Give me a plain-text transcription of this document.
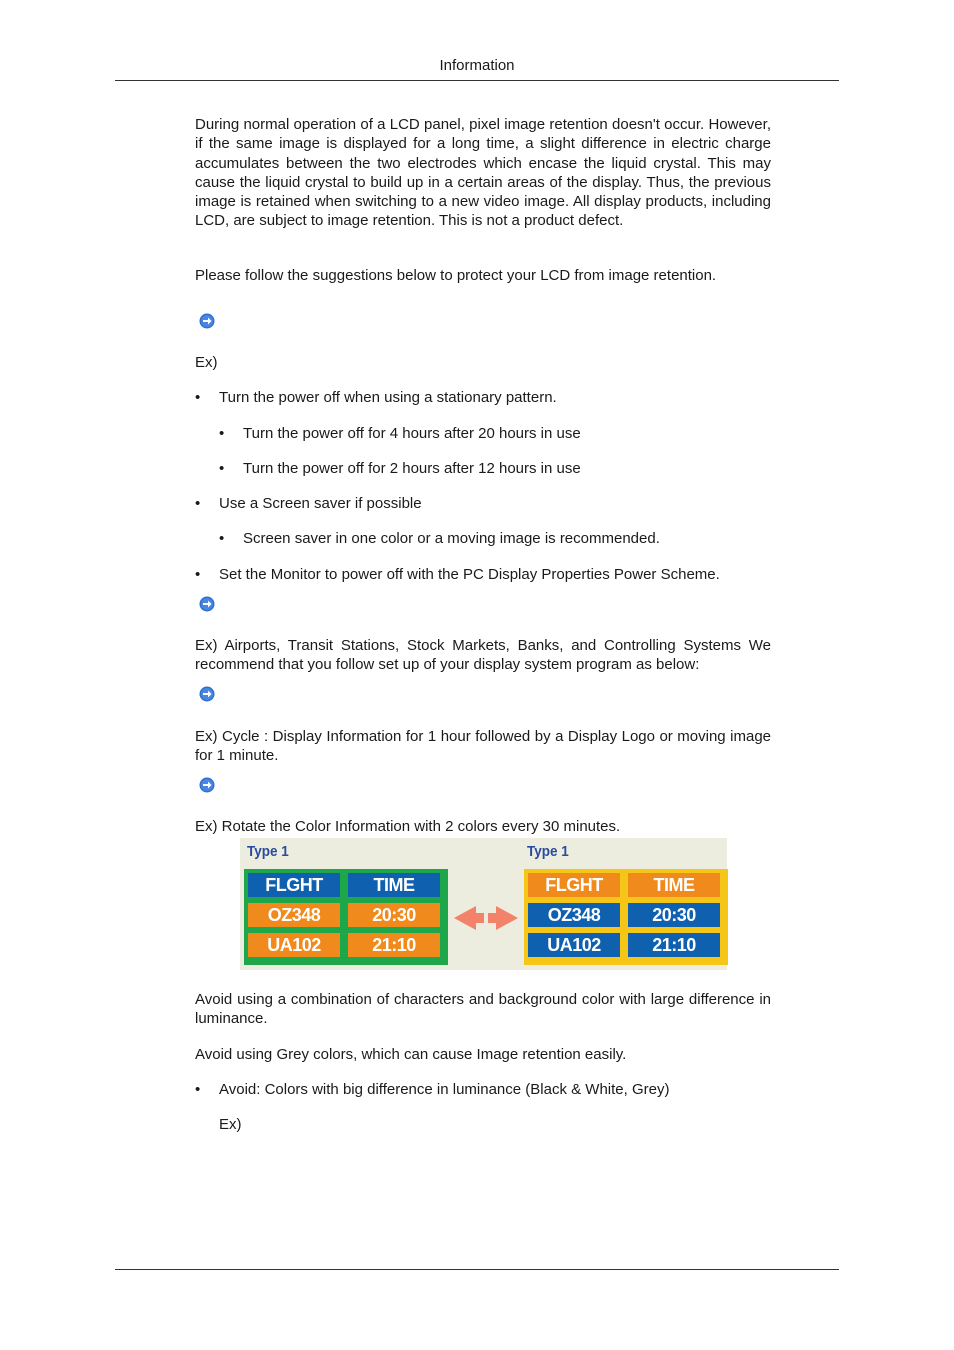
Information

During normal operation of a LCD panel, pixel image retention doesn't occur. However, if the same image is displayed for a long time, a slight difference in electric charge accumulates between the two electrodes which encase the liquid crystal. This may cause the liquid crystal to build up in a certain areas of the display. Thus, the previous image is retained when switching to a new video image. All display products, including LCD, are subject to image retention. This is not a product defect.

Please follow the suggestions below to protect your LCD from image retention.

Ex)

• Turn the power off when using a stationary pattern.
• Turn the power off for 4 hours after 20 hours in use
• Turn the power off for 2 hours after 12 hours in use
• Use a Screen saver if possible
• Screen saver in one color or a moving image is recommended.
• Set the Monitor to power off with the PC Display Properties Power Scheme.

Ex) Airports, Transit Stations, Stock Markets, Banks, and Controlling Systems We recommend that you follow set up of your display system program as below:

Ex) Cycle : Display Information for 1 hour followed by a Display Logo or moving image for 1 minute.

Ex) Rotate the Color Information with 2 colors every 30 minutes.

Avoid using a combination of characters and background color with large difference in luminance.

Avoid using Grey colors, which can cause Image retention easily.

• Avoid: Colors with big difference in luminance (Black & White, Grey)

Ex)

Type 1	Type 1
FLGHT	TIME
OZ348	20:30
UA102	21:10
FLGHT	TIME
OZ348	20:30
UA102	21:10
